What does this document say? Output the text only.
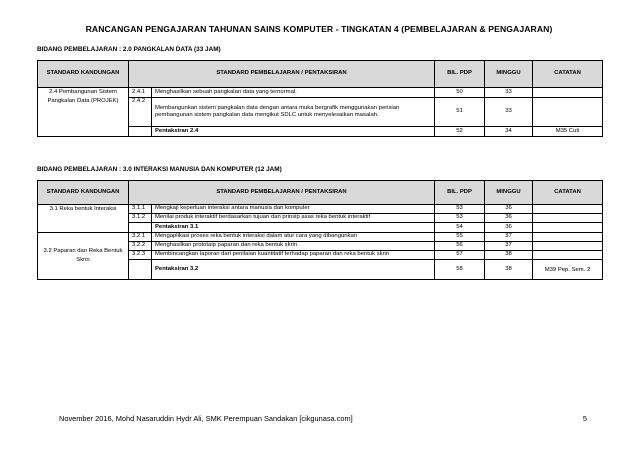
RANCANGAN PENGAJARAN TAHUNAN SAINS KOMPUTER - TINGKATAN 4 (PEMBELAJARAN & PENGAJARAN)
BIDANG PEMBELAJARAN : 2.0 PANGKALAN DATA (33 JAM)
STANDARD KANDUNGAN	STANDARD PEMBELAJARAN / PENTAKSIRAN		BIL. PDP	MINGGU	CATATAN
2.4 Pembangunan Sistem Pangkalan Data (PROJEK)	2.4.1	Menghasilkan sebuah pangkalan data yang ternormal.	50	33	
	2.4.2	Membangunkan sistem pangkalan data dengan antara muka bergrafik menggunakan perisian pembangunan sistem pangkalan data mengikut SDLC untuk menyelesaikan masalah.	51	33	
		Pentaksiran 2.4	52	34	M35 Cuti
BIDANG PEMBELAJARAN : 3.0 INTERAKSI MANUSIA DAN KOMPUTER (12 JAM)
STANDARD KANDUNGAN	STANDARD PEMBELAJARAN / PENTAKSIRAN		BIL. PDP	MINGGU	CATATAN
3.1 Reka bentuk Interaksi	3.1.1	Mengkaji keperluan interaksi antara manusia dan komputer	53	36	
	3.1.2	Menilai produk interaktif berdasarkan tujuan dan prinsip asas reka bentuk interaktif	53	36	
		Pentaksiran 3.1	54	36	
3.2 Paparan dan Reka Bentuk Skrin	3.2.1	Mengaplikasi proses reka bentuk interaksi dalam atur cara yang dibangunkan	55	37	
	3.2.2	Menghasilkan prototaip paparan dan reka bentuk skrin	56	37	
	3.2.3	Membincangkan laporan dari penilaian kuantitatif terhadap paparan dan reka bentuk skrin	57	38	
		Pentaksiran 3.2	58	38	M39 Pep. Sem. 2
November 2016, Mohd Nasaruddin Hydr Ali, SMK Perempuan Sandakan [cikgunasa.com]	5
